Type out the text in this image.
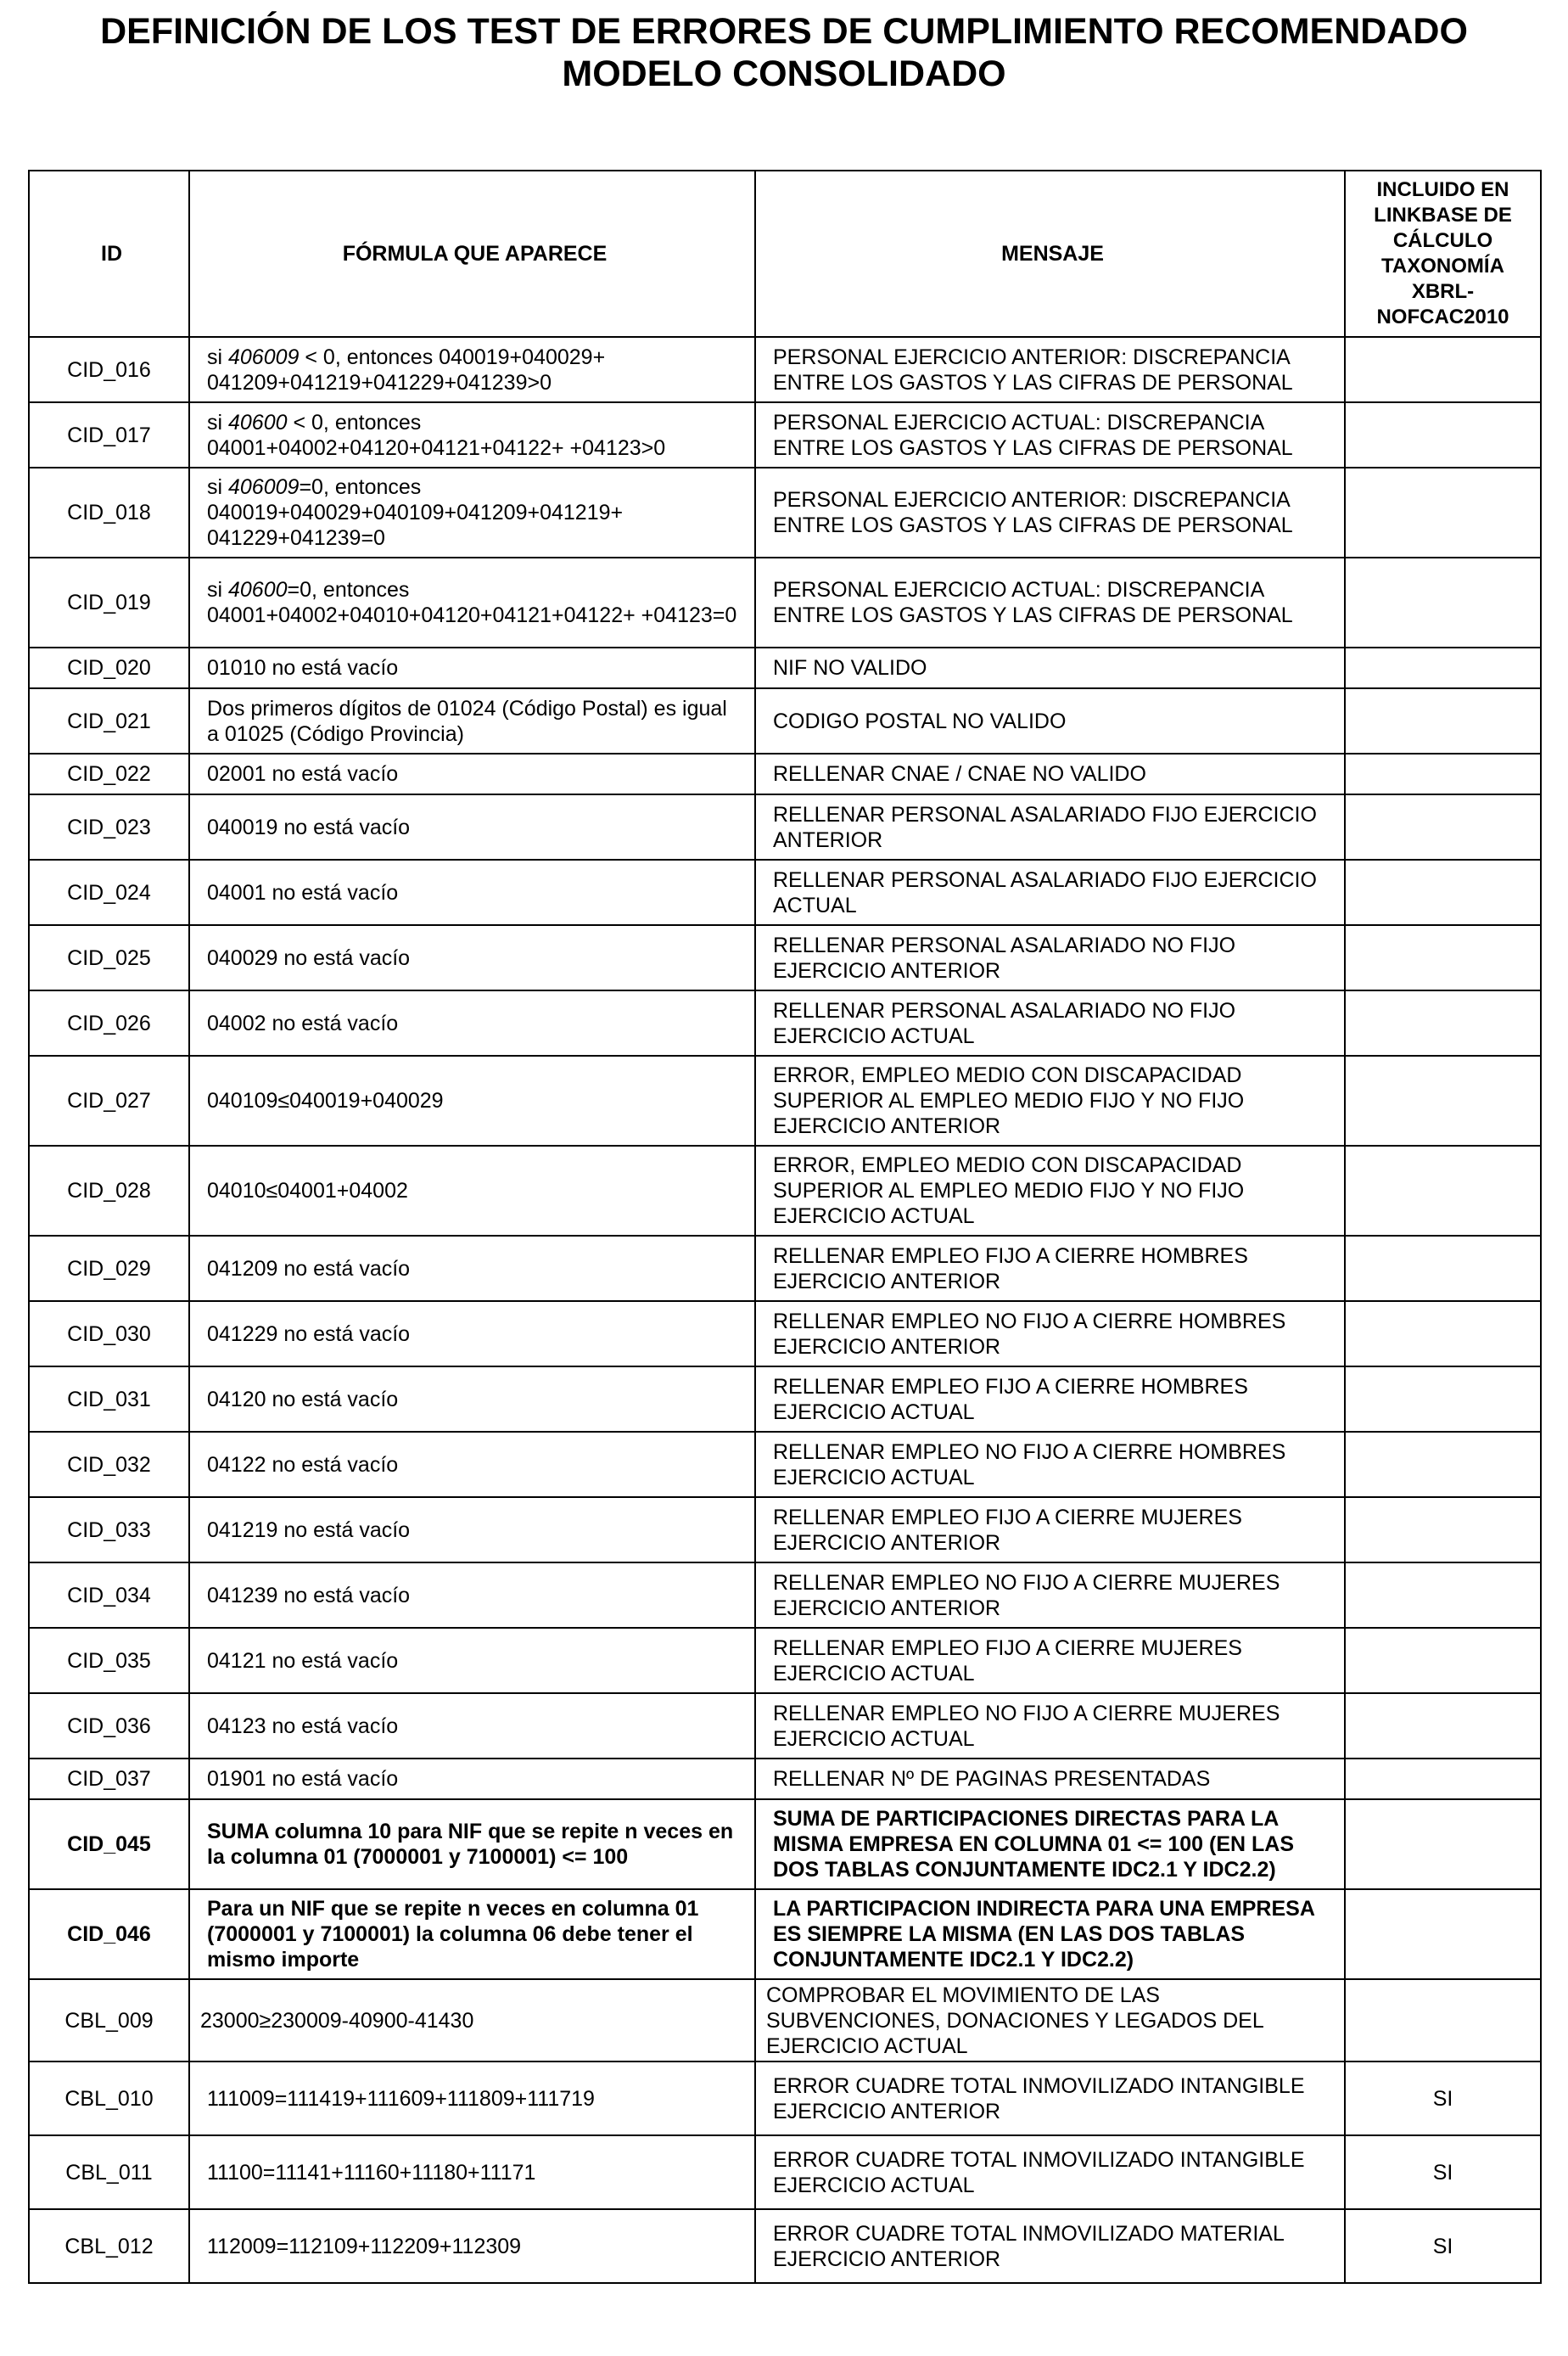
DEFINICIÓN DE LOS TEST DE ERRORES DE CUMPLIMIENTO RECOMENDADO
MODELO CONSOLIDADO
ID	FÓRMULA QUE APARECE	MENSAJE	INCLUIDO EN LINKBASE DE CÁLCULO TAXONOMÍA XBRL-NOFCAC2010
CID_016	si 406009 < 0, entonces 040019+040029+ 041209+041219+041229+041239>0	PERSONAL EJERCICIO ANTERIOR: DISCREPANCIA ENTRE LOS GASTOS Y LAS CIFRAS DE PERSONAL	
CID_017	si 40600 < 0, entonces 04001+04002+04120+04121+04122+ +04123>0	PERSONAL EJERCICIO ACTUAL: DISCREPANCIA ENTRE LOS GASTOS Y LAS CIFRAS DE PERSONAL	
CID_018	si 406009=0, entonces 040019+040029+040109+041209+041219+ 041229+041239=0	PERSONAL EJERCICIO ANTERIOR: DISCREPANCIA ENTRE LOS GASTOS Y LAS CIFRAS DE PERSONAL	
CID_019	si 40600=0, entonces 04001+04002+04010+04120+04121+04122+ +04123=0	PERSONAL EJERCICIO ACTUAL: DISCREPANCIA ENTRE LOS GASTOS Y LAS CIFRAS DE PERSONAL	
CID_020	01010 no está vacío	NIF NO VALIDO	
CID_021	Dos primeros dígitos de 01024 (Código Postal) es igual a 01025 (Código Provincia)	CODIGO POSTAL NO VALIDO	
CID_022	02001 no está vacío	RELLENAR CNAE / CNAE NO VALIDO	
CID_023	040019 no está vacío	RELLENAR PERSONAL ASALARIADO FIJO EJERCICIO ANTERIOR	
CID_024	04001 no está vacío	RELLENAR PERSONAL ASALARIADO FIJO EJERCICIO ACTUAL	
CID_025	040029 no está vacío	RELLENAR PERSONAL ASALARIADO NO FIJO EJERCICIO ANTERIOR	
CID_026	04002 no está vacío	RELLENAR PERSONAL ASALARIADO NO FIJO EJERCICIO ACTUAL	
CID_027	040109≤040019+040029	ERROR, EMPLEO MEDIO CON DISCAPACIDAD SUPERIOR AL EMPLEO MEDIO FIJO Y NO FIJO EJERCICIO ANTERIOR	
CID_028	04010≤04001+04002	ERROR, EMPLEO MEDIO CON DISCAPACIDAD SUPERIOR AL EMPLEO MEDIO FIJO Y NO FIJO EJERCICIO ACTUAL	
CID_029	041209 no está vacío	RELLENAR EMPLEO FIJO A CIERRE HOMBRES EJERCICIO ANTERIOR	
CID_030	041229 no está vacío	RELLENAR EMPLEO NO FIJO A CIERRE HOMBRES EJERCICIO ANTERIOR	
CID_031	04120 no está vacío	RELLENAR EMPLEO FIJO A CIERRE HOMBRES EJERCICIO ACTUAL	
CID_032	04122 no está vacío	RELLENAR EMPLEO NO FIJO A CIERRE HOMBRES EJERCICIO ACTUAL	
CID_033	041219 no está vacío	RELLENAR EMPLEO FIJO A CIERRE MUJERES EJERCICIO ANTERIOR	
CID_034	041239 no está vacío	RELLENAR EMPLEO NO FIJO A CIERRE MUJERES EJERCICIO ANTERIOR	
CID_035	04121 no está vacío	RELLENAR EMPLEO FIJO A CIERRE MUJERES EJERCICIO ACTUAL	
CID_036	04123 no está vacío	RELLENAR EMPLEO NO FIJO A CIERRE MUJERES EJERCICIO ACTUAL	
CID_037	01901 no está vacío	RELLENAR Nº DE PAGINAS PRESENTADAS	
CID_045	SUMA columna 10 para NIF que se repite n veces en la columna 01 (7000001 y 7100001) <= 100	SUMA DE PARTICIPACIONES DIRECTAS PARA LA MISMA EMPRESA EN COLUMNA 01 <= 100 (EN LAS DOS TABLAS CONJUNTAMENTE IDC2.1 Y IDC2.2)	
CID_046	Para un NIF que se repite n veces en columna 01 (7000001 y 7100001) la columna 06 debe tener el mismo importe	LA PARTICIPACION INDIRECTA PARA UNA EMPRESA ES SIEMPRE LA MISMA (EN LAS DOS TABLAS CONJUNTAMENTE IDC2.1 Y IDC2.2)	
CBL_009	23000≥230009-40900-41430	COMPROBAR EL MOVIMIENTO DE LAS SUBVENCIONES, DONACIONES Y LEGADOS DEL EJERCICIO ACTUAL	
CBL_010	111009=111419+111609+111809+111719	ERROR CUADRE TOTAL INMOVILIZADO INTANGIBLE EJERCICIO ANTERIOR	SI
CBL_011	11100=11141+11160+11180+11171	ERROR CUADRE TOTAL INMOVILIZADO INTANGIBLE EJERCICIO ACTUAL	SI
CBL_012	112009=112109+112209+112309	ERROR CUADRE TOTAL INMOVILIZADO MATERIAL EJERCICIO ANTERIOR	SI
